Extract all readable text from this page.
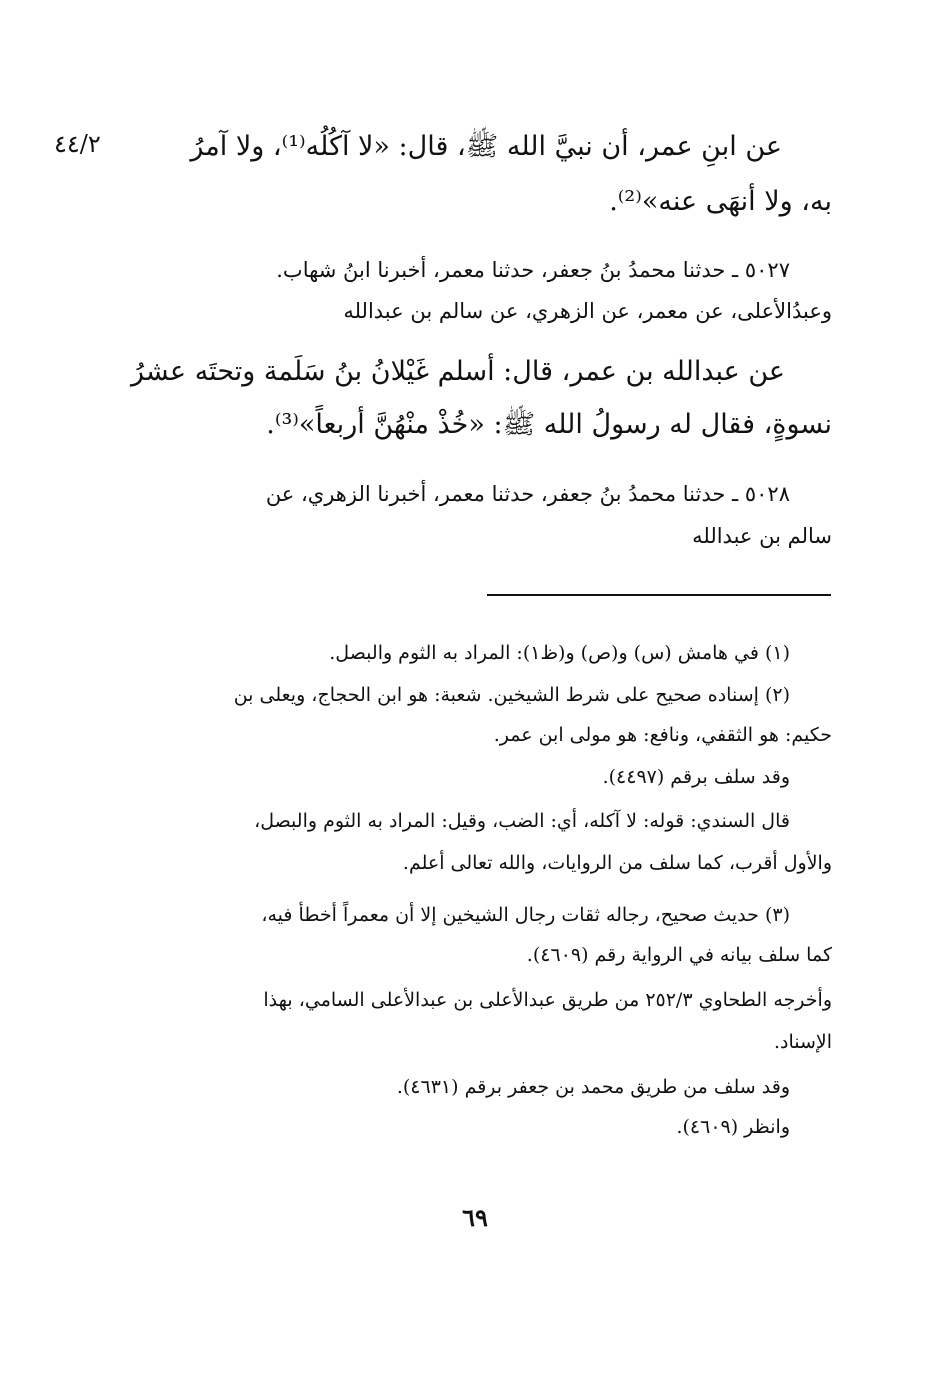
٤٤/٢	عن ابنِ عمر، أن نبيَّ الله ﷺ، قال: «لا آكُلُه⁽¹⁾، ولا آمرُ

به، ولا أنهَى عنه»⁽²⁾.

٥٠٢٧ ـ حدثنا محمدُ بنُ جعفر، حدثنا معمر، أخبرنا ابنُ شهاب.

وعبدُالأعلى، عن معمر، عن الزهري، عن سالم بن عبدالله

عن عبدالله بن عمر، قال: أسلم غَيْلانُ بنُ سَلَمة وتحتَه عشرُ

نسوةٍ، فقال له رسولُ الله ﷺ: «خُذْ منْهُنَّ أربعاً»⁽³⁾.

٥٠٢٨ ـ حدثنا محمدُ بنُ جعفر، حدثنا معمر، أخبرنا الزهري، عن

سالم بن عبدالله

(١) في هامش (س) و(ص) و(ظ١): المراد به الثوم والبصل.

(٢) إسناده صحيح على شرط الشيخين. شعبة: هو ابن الحجاج، ويعلى بن

حكيم: هو الثقفي، ونافع: هو مولى ابن عمر.

وقد سلف برقم (٤٤٩٧).

قال السندي: قوله: لا آكله، أي: الضب، وقيل: المراد به الثوم والبصل،

والأول أقرب، كما سلف من الروايات، والله تعالى أعلم.

(٣) حديث صحيح، رجاله ثقات رجال الشيخين إلا أن معمراً أخطأ فيه،

كما سلف بيانه في الرواية رقم (٤٦٠٩).

وأخرجه الطحاوي ٢٥٢/٣ من طريق عبدالأعلى بن عبدالأعلى السامي، بهذا

الإسناد.

وقد سلف من طريق محمد بن جعفر برقم (٤٦٣١).

وانظر (٤٦٠٩).

٦٩
